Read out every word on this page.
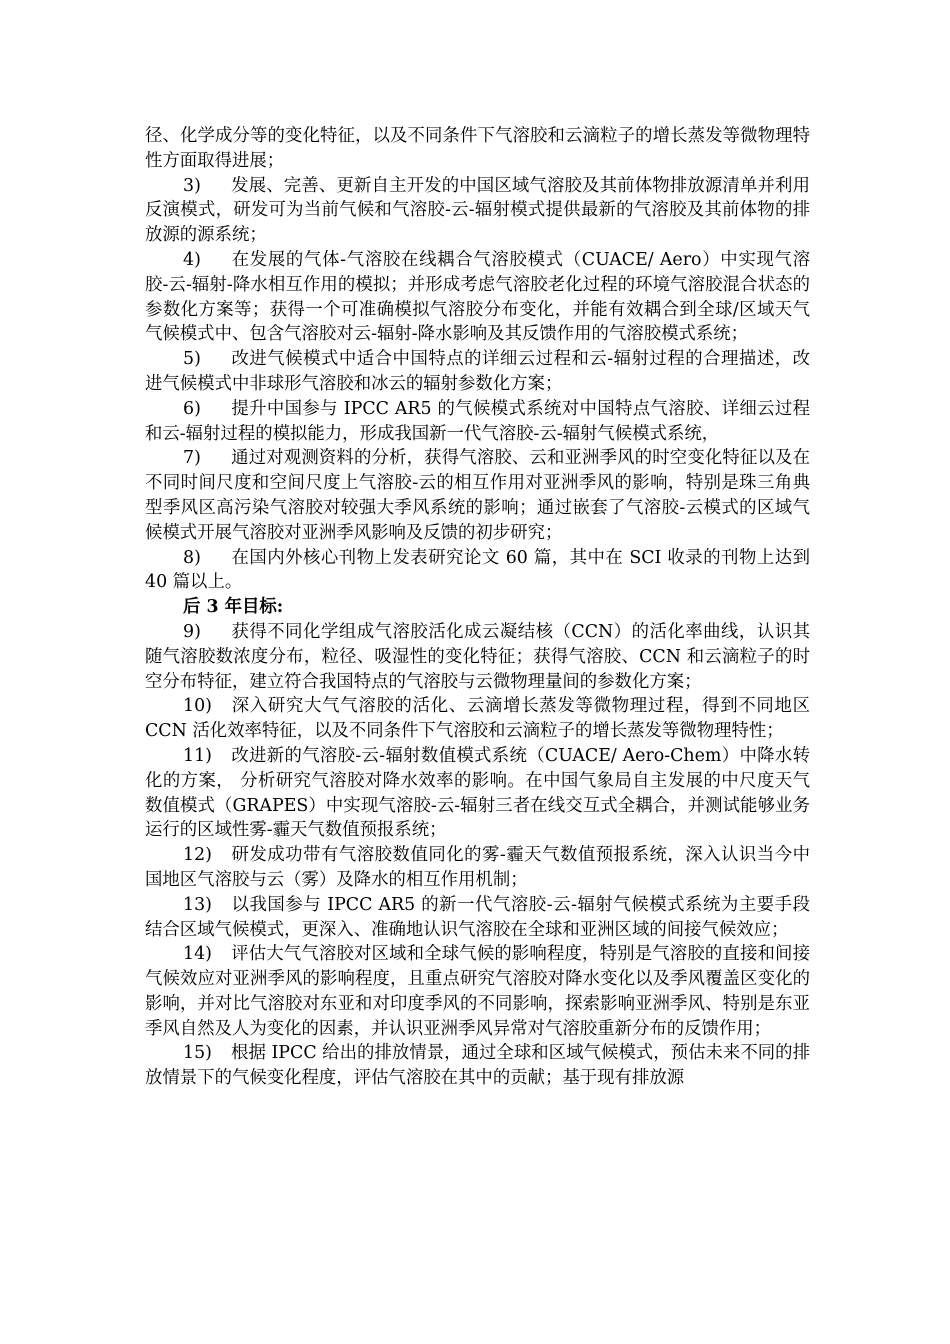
径、化学成分等的变化特征，以及不同条件下气溶胶和云滴粒子的增长蒸发等微物理特性方面取得进展；

3) 发展、完善、更新自主开发的中国区域气溶胶及其前体物排放源清单并利用反演模式，研发可为当前气候和气溶胶-云-辐射模式提供最新的气溶胶及其前体物的排放源的源系统；

4) 在发展的气体-气溶胶在线耦合气溶胶模式（CUACE/ Aero）中实现气溶胶-云-辐射-降水相互作用的模拟；并形成考虑气溶胶老化过程的环境气溶胶混合状态的参数化方案等；获得一个可准确模拟气溶胶分布变化，并能有效耦合到全球/区域天气气候模式中、包含气溶胶对云-辐射-降水影响及其反馈作用的气溶胶模式系统；

5) 改进气候模式中适合中国特点的详细云过程和云-辐射过程的合理描述，改进气候模式中非球形气溶胶和冰云的辐射参数化方案；

6) 提升中国参与 IPCC AR5 的气候模式系统对中国特点气溶胶、详细云过程和云-辐射过程的模拟能力，形成我国新一代气溶胶-云-辐射气候模式系统，

7) 通过对观测资料的分析，获得气溶胶、云和亚洲季风的时空变化特征以及在不同时间尺度和空间尺度上气溶胶-云的相互作用对亚洲季风的影响，特别是珠三角典型季风区高污染气溶胶对较强大季风系统的影响；通过嵌套了气溶胶-云模式的区域气候模式开展气溶胶对亚洲季风影响及反馈的初步研究；

8) 在国内外核心刊物上发表研究论文 60 篇，其中在 SCI 收录的刊物上达到 40 篇以上。

后 3 年目标:

9) 获得不同化学组成气溶胶活化成云凝结核（CCN）的活化率曲线，认识其随气溶胶数浓度分布，粒径、吸湿性的变化特征；获得气溶胶、CCN 和云滴粒子的时空分布特征，建立符合我国特点的气溶胶与云微物理量间的参数化方案；

10) 深入研究大气气溶胶的活化、云滴增长蒸发等微物理过程，得到不同地区 CCN 活化效率特征，以及不同条件下气溶胶和云滴粒子的增长蒸发等微物理特性；

11) 改进新的气溶胶-云-辐射数值模式系统（CUACE/ Aero-Chem）中降水转化的方案， 分析研究气溶胶对降水效率的影响。在中国气象局自主发展的中尺度天气数值模式（GRAPES）中实现气溶胶-云-辐射三者在线交互式全耦合，并测试能够业务运行的区域性雾-霾天气数值预报系统；

12) 研发成功带有气溶胶数值同化的雾-霾天气数值预报系统，深入认识当今中国地区气溶胶与云（雾）及降水的相互作用机制；

13) 以我国参与 IPCC AR5 的新一代气溶胶-云-辐射气候模式系统为主要手段结合区域气候模式，更深入、准确地认识气溶胶在全球和亚洲区域的间接气候效应；

14) 评估大气气溶胶对区域和全球气候的影响程度，特别是气溶胶的直接和间接气候效应对亚洲季风的影响程度，且重点研究气溶胶对降水变化以及季风覆盖区变化的影响，并对比气溶胶对东亚和对印度季风的不同影响，探索影响亚洲季风、特别是东亚季风自然及人为变化的因素，并认识亚洲季风异常对气溶胶重新分布的反馈作用；

15) 根据 IPCC 给出的排放情景，通过全球和区域气候模式，预估未来不同的排放情景下的气候变化程度，评估气溶胶在其中的贡献；基于现有排放源
